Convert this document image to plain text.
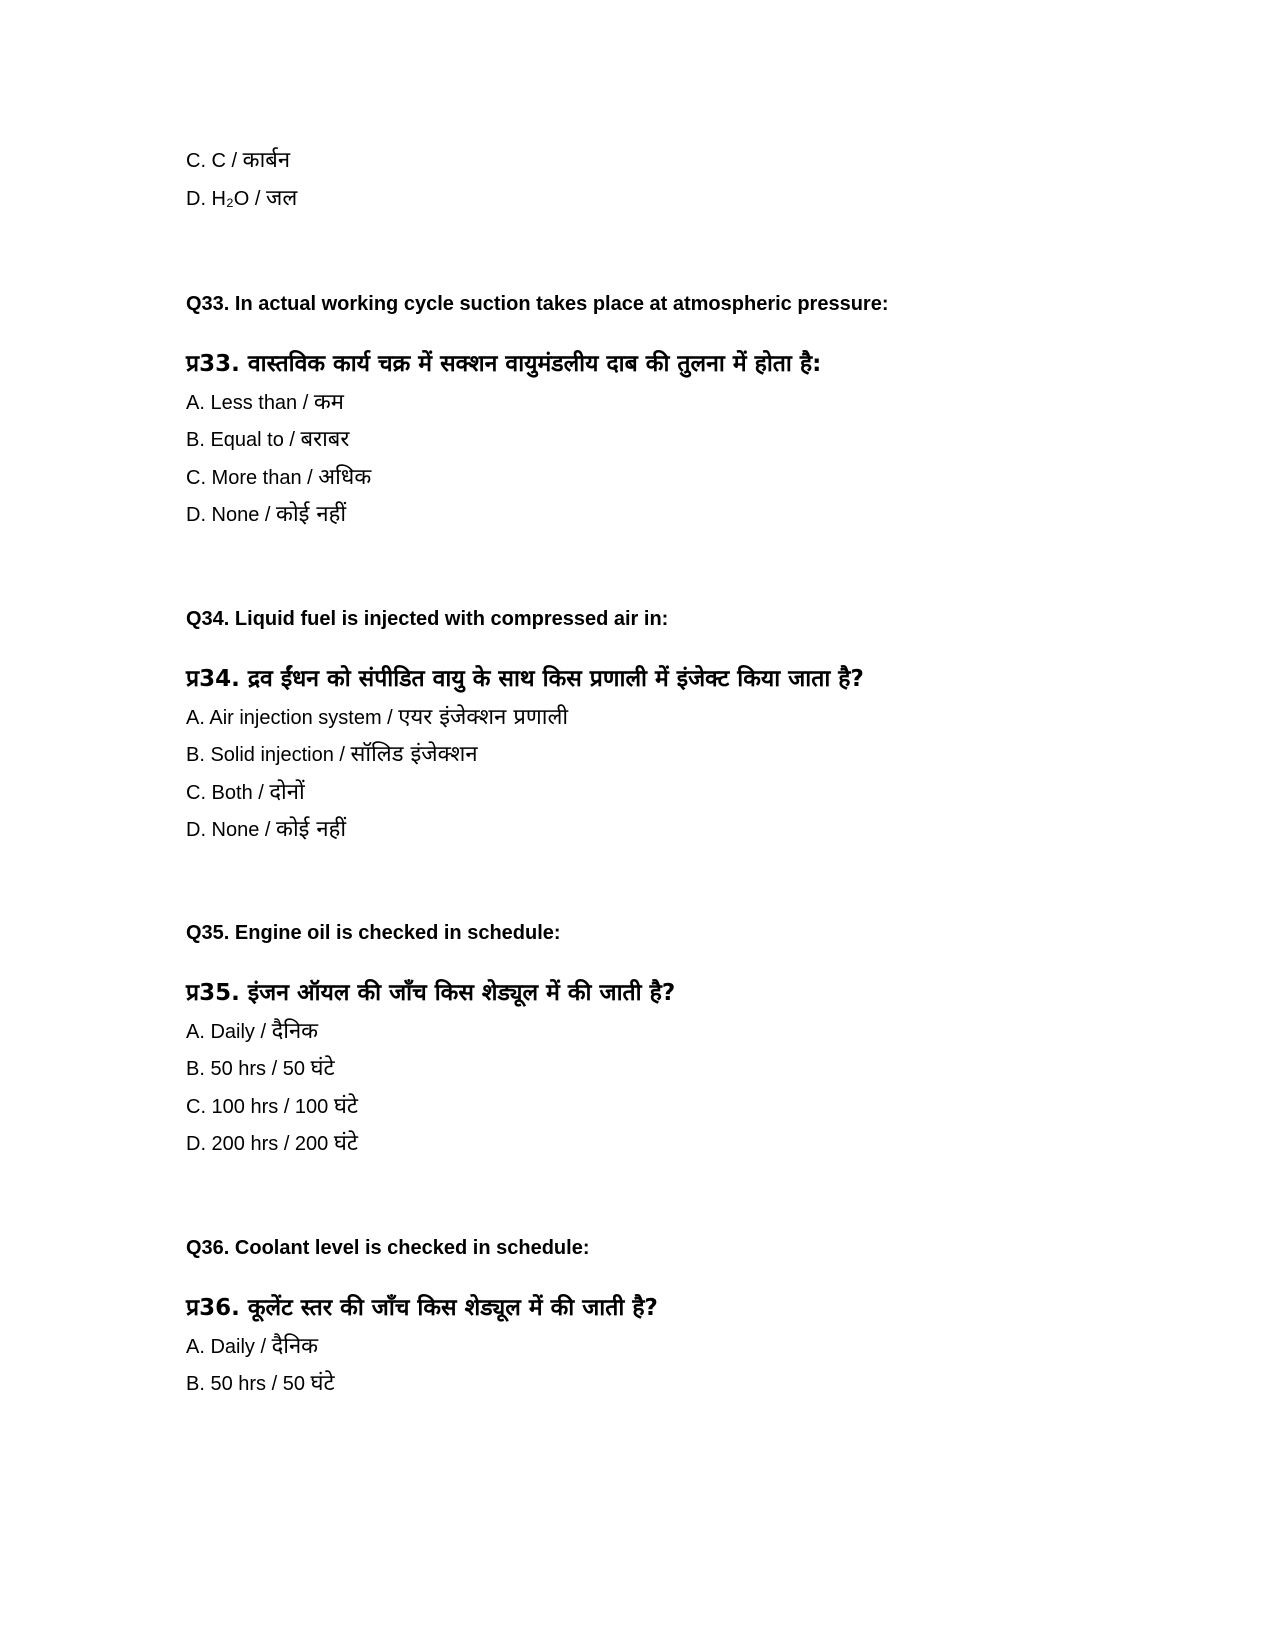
C. C / कार्बन
D. H₂O / जल
Q33. In actual working cycle suction takes place at atmospheric pressure:
प्र33. वास्तविक कार्य चक्र में सक्शन वायुमंडलीय दाब की तुलना में होता है:
A. Less than / कम
B. Equal to / बराबर
C. More than / अधिक
D. None / कोई नहीं
Q34. Liquid fuel is injected with compressed air in:
प्र34. द्रव ईंधन को संपीडित वायु के साथ किस प्रणाली में इंजेक्ट किया जाता है?
A. Air injection system / एयर इंजेक्शन प्रणाली
B. Solid injection / सॉलिड इंजेक्शन
C. Both / दोनों
D. None / कोई नहीं
Q35. Engine oil is checked in schedule:
प्र35. इंजन ऑयल की जाँच किस शेड्यूल में की जाती है?
A. Daily / दैनिक
B. 50 hrs / 50 घंटे
C. 100 hrs / 100 घंटे
D. 200 hrs / 200 घंटे
Q36. Coolant level is checked in schedule:
प्र36. कूलेंट स्तर की जाँच किस शेड्यूल में की जाती है?
A. Daily / दैनिक
B. 50 hrs / 50 घंटे
